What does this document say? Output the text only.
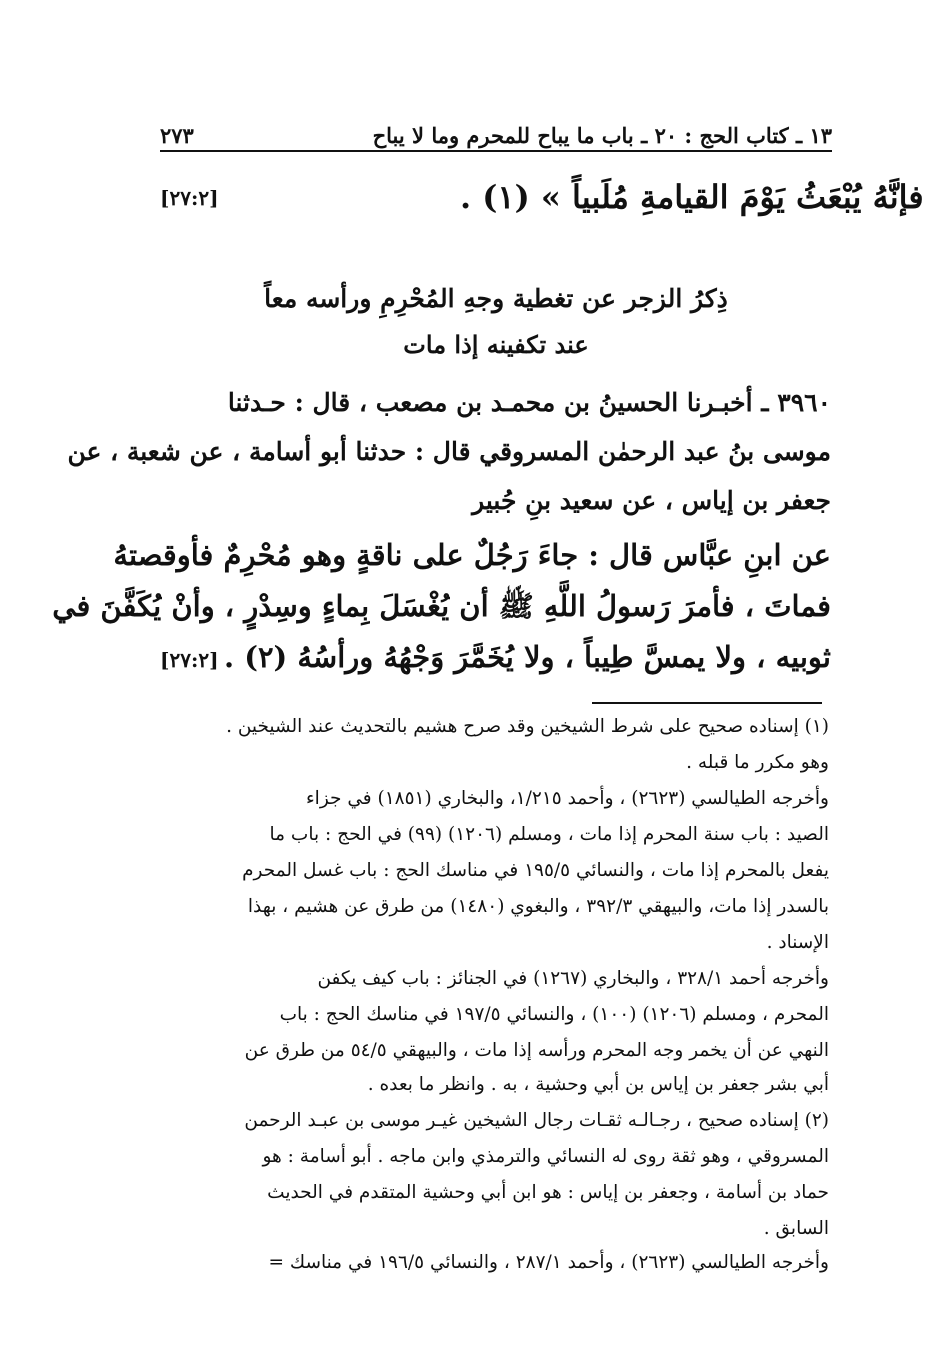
١٣ ـ كتاب الحج : ٢٠ ـ باب ما يباح للمحرم وما لا يباح
٢٧٣
فإنَّهُ يُبْعَثُ يَوْمَ القيامةِ مُلَبياً » (١) .
[٢٧:٢]
ذِكرُ الزجر عن تغطية وجهِ المُحْرِمِ ورأسه معاً
عند تكفينه إذا مات
٣٩٦٠ ـ أخبـرنا الحسينُ بن محمـد بن مصعب ، قال : حـدثنا
موسى بنُ عبد الرحمٰن المسروقي قال : حدثنا أبو أسامة ، عن شعبة ، عن
جعفر بن إياس ، عن سعيد بنِ جُبير
عن ابنِ عبَّاس قال : جاءَ رَجُلٌ على ناقةٍ وهو مُحْرِمٌ فأوقصتهُ
فماتَ ، فأمرَ رَسولُ اللَّهِ ﷺ أن يُغْسَلَ بِماءٍ وسِدْرٍ ، وأنْ يُكَفَّنَ في
ثوبيه ، ولا يمسَّ طِيباً ، ولا يُخَمَّرَ وَجْهُهُ ورأسُهُ (٢) .
[٢٧:٢]
(١) إسناده صحيح على شرط الشيخين وقد صرح هشيم بالتحديث عند الشيخين .
وهو مكرر ما قبله .
وأخرجه الطيالسي (٢٦٢٣) ، وأحمد ١/٢١٥، والبخاري (١٨٥١) في جزاء
الصيد : باب سنة المحرم إذا مات ، ومسلم (١٢٠٦) (٩٩) في الحج : باب ما
يفعل بالمحرم إذا مات ، والنسائي ١٩٥/٥ في مناسك الحج : باب غسل المحرم
بالسدر إذا مات، والبيهقي ٣٩٢/٣ ، والبغوي (١٤٨٠) من طرق عن هشيم ، بهذا
الإسناد .
وأخرجه أحمد ٣٢٨/١ ، والبخاري (١٢٦٧) في الجنائز : باب كيف يكفن
المحرم ، ومسلم (١٢٠٦) (١٠٠) ، والنسائي ١٩٧/٥ في مناسك الحج : باب
النهي عن أن يخمر وجه المحرم ورأسه إذا مات ، والبيهقي ٥٤/٥ من طرق عن
أبي بشر جعفر بن إياس بن أبي وحشية ، به . وانظر ما بعده .
(٢) إسناده صحيح ، رجـالـه ثقـات رجال الشيخين غيـر موسى بن عبـد الرحمن
المسروقي ، وهو ثقة روى له النسائي والترمذي وابن ماجه . أبو أسامة : هو
حماد بن أسامة ، وجعفر بن إياس : هو ابن أبي وحشية المتقدم في الحديث
السابق .
وأخرجه الطيالسي (٢٦٢٣) ، وأحمد ٢٨٧/١ ، والنسائي ١٩٦/٥ في مناسك =
